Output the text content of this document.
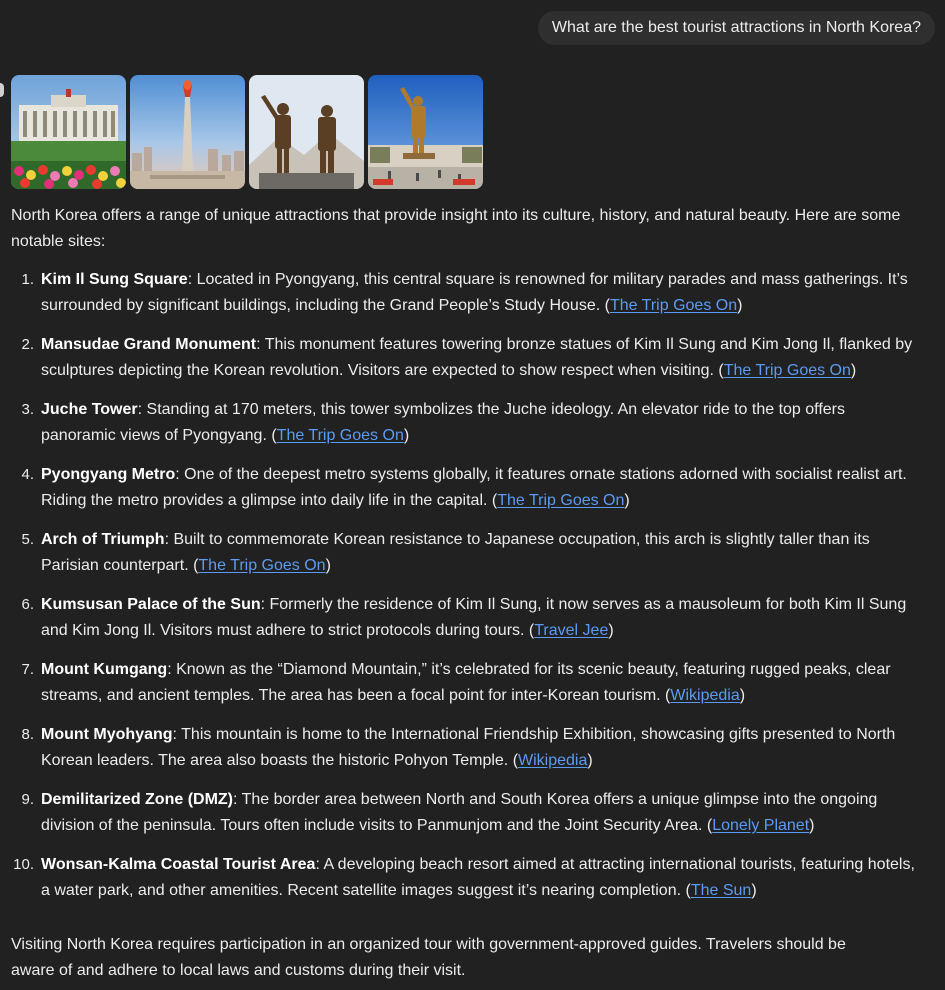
What are the best tourist attractions in North Korea?

North Korea offers a range of unique attractions that provide insight into its culture, history, and natural beauty. Here are some notable sites:

1. Kim Il Sung Square: Located in Pyongyang, this central square is renowned for military parades and mass gatherings. It’s surrounded by significant buildings, including the Grand People’s Study House. (The Trip Goes On)
2. Mansudae Grand Monument: This monument features towering bronze statues of Kim Il Sung and Kim Jong Il, flanked by sculptures depicting the Korean revolution. Visitors are expected to show respect when visiting. (The Trip Goes On)
3. Juche Tower: Standing at 170 meters, this tower symbolizes the Juche ideology. An elevator ride to the top offers panoramic views of Pyongyang. (The Trip Goes On)
4. Pyongyang Metro: One of the deepest metro systems globally, it features ornate stations adorned with socialist realist art. Riding the metro provides a glimpse into daily life in the capital. (The Trip Goes On)
5. Arch of Triumph: Built to commemorate Korean resistance to Japanese occupation, this arch is slightly taller than its Parisian counterpart. (The Trip Goes On)
6. Kumsusan Palace of the Sun: Formerly the residence of Kim Il Sung, it now serves as a mausoleum for both Kim Il Sung and Kim Jong Il. Visitors must adhere to strict protocols during tours. (Travel Jee)
7. Mount Kumgang: Known as the “Diamond Mountain,” it’s celebrated for its scenic beauty, featuring rugged peaks, clear streams, and ancient temples. The area has been a focal point for inter-Korean tourism. (Wikipedia)
8. Mount Myohyang: This mountain is home to the International Friendship Exhibition, showcasing gifts presented to North Korean leaders. The area also boasts the historic Pohyon Temple. (Wikipedia)
9. Demilitarized Zone (DMZ): The border area between North and South Korea offers a unique glimpse into the ongoing division of the peninsula. Tours often include visits to Panmunjom and the Joint Security Area. (Lonely Planet)
10. Wonsan-Kalma Coastal Tourist Area: A developing beach resort aimed at attracting international tourists, featuring hotels, a water park, and other amenities. Recent satellite images suggest it’s nearing completion. (The Sun)

Visiting North Korea requires participation in an organized tour with government-approved guides. Travelers should be aware of and adhere to local laws and customs during their visit.
